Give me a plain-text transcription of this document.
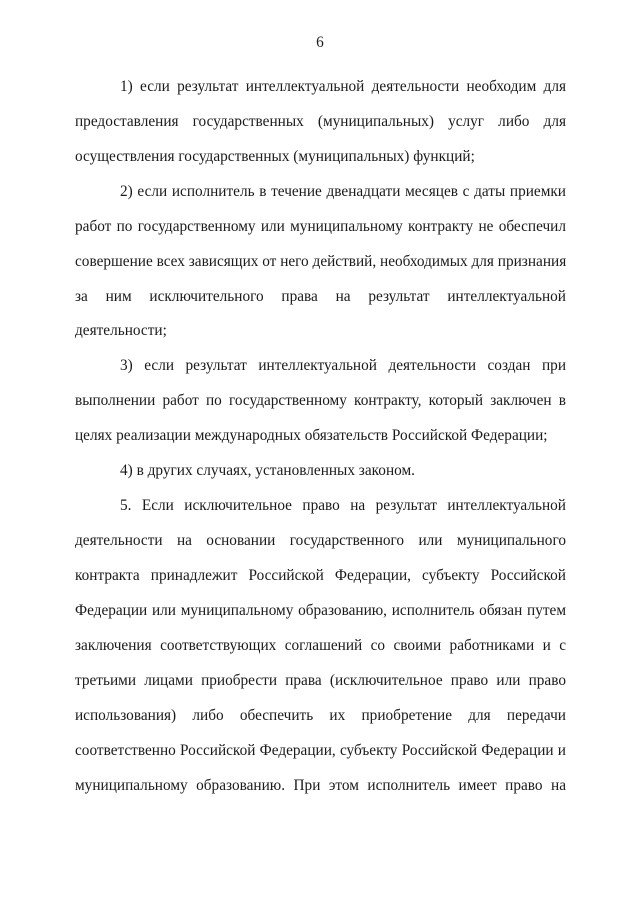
6
1) если результат интеллектуальной деятельности необходим для
предоставления государственных (муниципальных) услуг либо для
осуществления государственных (муниципальных) функций;
2) если исполнитель в течение двенадцати месяцев с даты приемки
работ по государственному или муниципальному контракту не обеспечил
совершение всех зависящих от него действий, необходимых для признания
за ним исключительного права на результат интеллектуальной
деятельности;
3) если результат интеллектуальной деятельности создан при
выполнении работ по государственному контракту, который заключен в
целях реализации международных обязательств Российской Федерации;
4) в других случаях, установленных законом.
5. Если исключительное право на результат интеллектуальной
деятельности на основании государственного или муниципального
контракта принадлежит Российской Федерации, субъекту Российской
Федерации или муниципальному образованию, исполнитель обязан путем
заключения соответствующих соглашений со своими работниками и с
третьими лицами приобрести права (исключительное право или право
использования) либо обеспечить их приобретение для передачи
соответственно Российской Федерации, субъекту Российской Федерации и
муниципальному образованию. При этом исполнитель имеет право на
